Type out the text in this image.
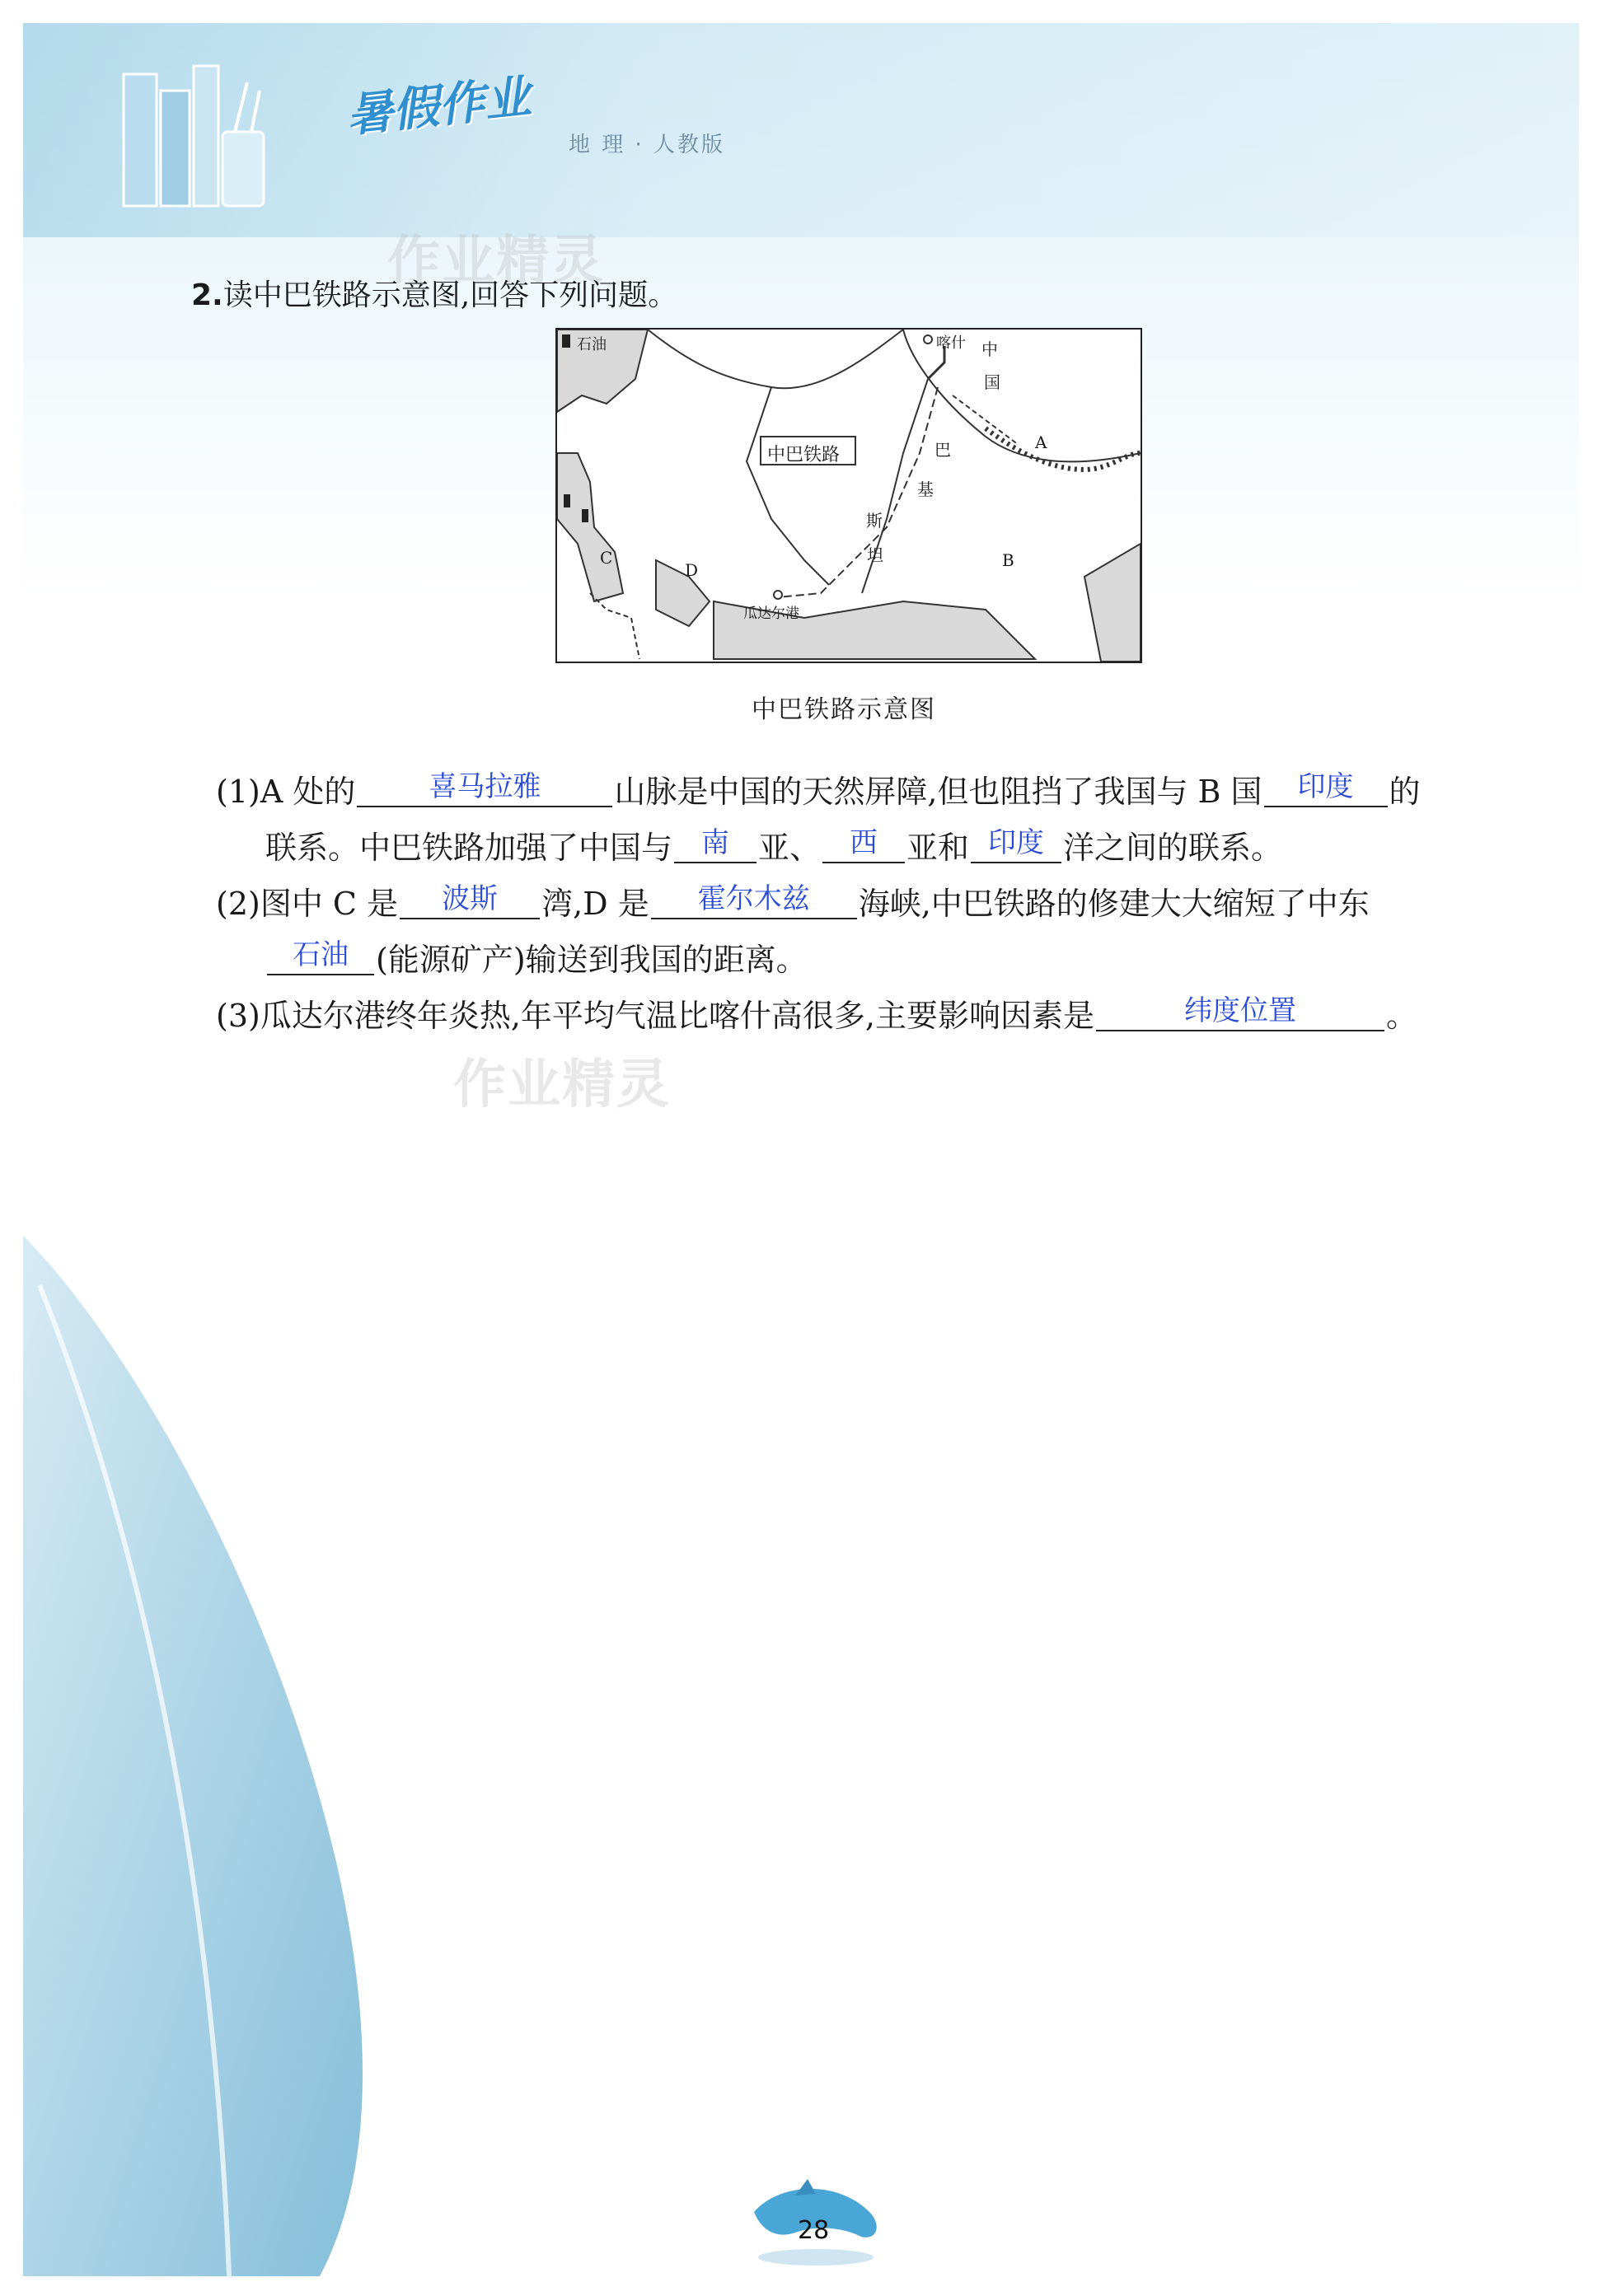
暑假作业
地 理 · 人教版
作业精灵
作业精灵
2.读中巴铁路示意图,回答下列问题。
中巴铁路
石油	喀什 中
国
巴
基
斯
坦
瓜达尔港
A
B
C
D
中巴铁路示意图
(1)A 处的	喜马拉雅	山脉是中国的天然屏障,但也阻挡了我国与 B 国	印度	的
联系。中巴铁路加强了中国与	南 亚、	西 亚和 印度 洋之间的联系。
(2)图中 C 是	波斯	湾,D 是	霍尔木兹	海峡,中巴铁路的修建大大缩短了中东
石油 (能源矿产)输送到我国的距离。
(3)瓜达尔港终年炎热,年平均气温比喀什高很多,主要影响因素是	纬度位置	。
28
